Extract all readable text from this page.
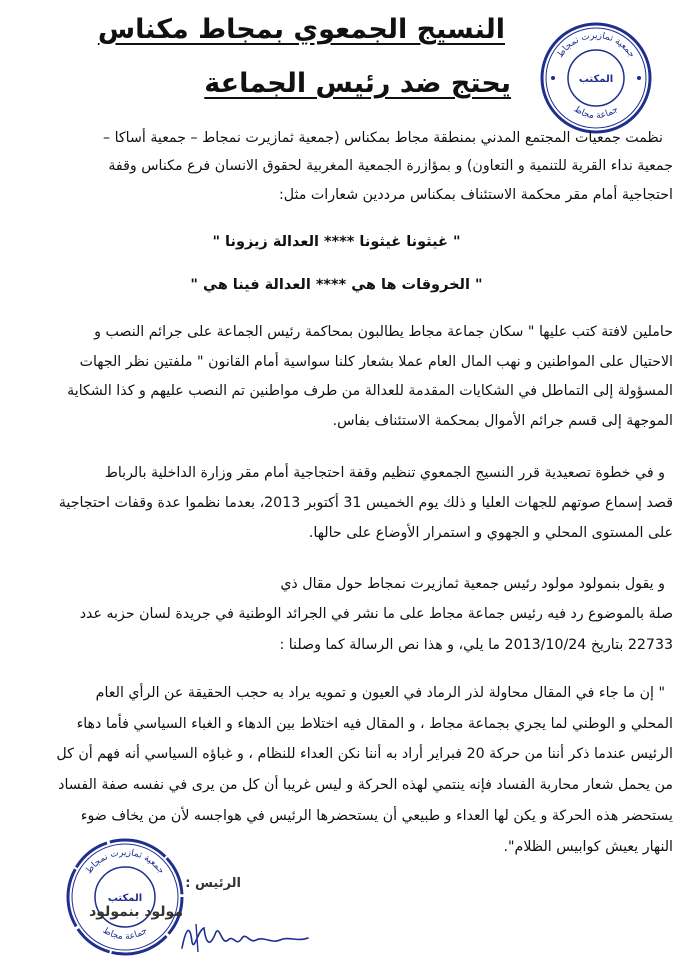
جمعية ثمازيرت نمجاط
جماعة مجاط
المكتب
النسيج الجمعوي بمجاط مكناس
يحتج ضد رئيس الجماعة
نظمت جمعيات المجتمع المدني بمنطقة مجاط بمكناس (جمعية ثمازيرت نمجاط – جمعية أساكا –
جمعية نداء القرية للتنمية و التعاون) و بمؤازرة الجمعية المغربية لحقوق الانسان فرع مكناس وقفة
احتجاجية أمام مقر محكمة الاستئناف بمكناس مرددين شعارات مثل:
" غيثونا غيثونا **** العدالة زيزونا "
" الخروقات ها هي **** العدالة فينا هي "
حاملين لافتة كتب عليها " سكان جماعة مجاط يطالبون بمحاكمة رئيس الجماعة على جرائم النصب و
الاحتيال على المواطنين و نهب المال العام عملا بشعار كلنا سواسية أمام القانون " ملفتين نظر الجهات
المسؤولة إلى التماطل في الشكايات المقدمة للعدالة من طرف مواطنين تم النصب عليهم و كذا الشكاية
الموجهة إلى قسم جرائم الأموال بمحكمة الاستئناف بفاس.
و في خطوة تصعيدية قرر النسيج الجمعوي تنظيم وقفة احتجاجية أمام مقر وزارة الداخلية بالرباط
قصد إسماع صوتهم للجهات العليا و ذلك يوم الخميس 31 أكتوبر 2013، بعدما نظموا عدة وقفات احتجاجية
على المستوى المحلي و الجهوي و استمرار الأوضاع على حالها.
و يقول بنمولود مولود رئيس جمعية ثمازيرت نمجاط حول مقال ذي
صلة بالموضوع رد فيه رئيس جماعة مجاط على ما نشر في الجرائد الوطنية في جريدة لسان حزبه عدد
22733 بتاريخ 2013/10/24 ما يلي، و هذا نص الرسالة كما وصلنا :
" إن ما جاء في المقال محاولة لذر الرماد في العيون و تمويه يراد به حجب الحقيقة عن الرأي العام
المحلي و الوطني لما يجري بجماعة مجاط ، و المقال فيه اختلاط بين الدهاء و الغباء السياسي فأما دهاء
الرئيس عندما ذكر أننا من حركة 20 فبراير أراد به أننا نكن العداء للنظام ، و غباؤه السياسي أنه فهم أن كل
من يحمل شعار محاربة الفساد فإنه ينتمي لهذه الحركة و ليس غريبا أن كل من يرى في نفسه صفة الفساد
يستحضر هذه الحركة و يكن لها العداء و طبيعي أن يستحضرها الرئيس في هواجسه لأن من يخاف ضوء
النهار يعيش كوابيس الظلام".
جمعية ثمازيرت نمجاط
جماعة مجاط
المكتب
الرئيس :
مولود بنمولود
